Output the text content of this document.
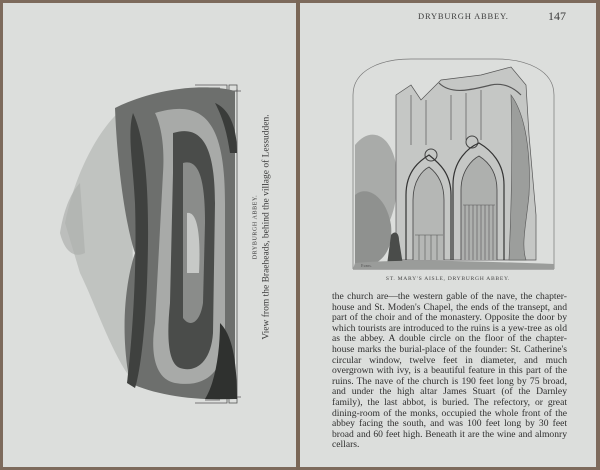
DRYBURGH ABBEY. View from the Braeheads, behind the village of Lessudden.
DRYBURGH ABBEY.	147
Evans.
ST. MARY'S AISLE, DRYBURGH ABBEY.

the church are—the western gable of the nave, the chapter-house and St. Moden's Chapel, the ends of the transept, and part of the choir and of the monastery. Opposite the door by which tourists are introduced to the ruins is a yew-tree as old as the abbey. A double circle on the floor of the chapter-house marks the burial-place of the founder: St. Catherine's circular window, twelve feet in diameter, and much overgrown with ivy, is a beautiful feature in this part of the ruins. The nave of the church is 190 feet long by 75 broad, and under the high altar James Stuart (of the Darnley family), the last abbot, is buried. The refectory, or great dining-room of the monks, occupied the whole front of the abbey facing the south, and was 100 feet long by 30 feet broad and 60 feet high. Beneath it are the wine and almonry cellars.
